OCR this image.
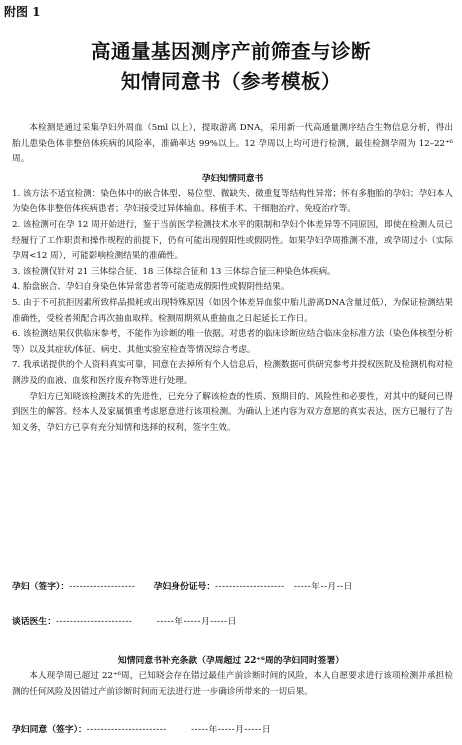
附图 1
高通量基因测序产前筛查与诊断
知情同意书（参考模板）

本检测是通过采集孕妇外周血（5ml 以上），提取游离 DNA，采用新一代高通量测序结合生物信息分析，得出胎儿患染色体非整倍体疾病的风险率，准确率达 99%以上。12 孕周以上均可进行检测，最佳检测孕周为 12–22⁺⁶周。

孕妇知情同意书

1. 该方法不适宜检测：染色体中的嵌合体型、易位型、微缺失、微重复等结构性异常；怀有多胞胎的孕妇；孕妇本人为染色体非整倍体疾病患者；孕妇接受过异体输血、移植手术、干细胞治疗、免疫治疗等。
2. 该检测可在孕 12 周开始进行，鉴于当前医学检测技术水平的限制和孕妇个体差异等不同原因，即使在检测人员已经履行了工作职责和操作规程的前提下，仍有可能出现假阳性或假阴性。如果孕妇孕周推测不准，或孕周过小（实际孕周<12 周），可能影响检测结果的准确性。
3. 该检测仅针对 21 三体综合征、18 三体综合征和 13 三体综合征三种染色体疾病。
4. 胎盘嵌合、孕妇自身染色体异常患者等可能造成假阳性或假阴性结果。
5. 由于不可抗拒因素所致样品损耗或出现特殊原因（如因个体差异血浆中胎儿游离DNA含量过低），为保证检测结果准确性，受检者须配合再次抽血取样。检测周期须从重抽血之日起延长工作日。
6. 该检测结果仅供临床参考，不能作为诊断的唯一依据。对患者的临床诊断应结合临床金标准方法（染色体核型分析等）以及其症状/体征、病史、其他实验室检查等情况综合考虑。
7. 我承诺提供的个人资料真实可靠，同意在去掉所有个人信息后，检测数据可供研究参考并授权医院及检测机构对检测涉及的血液、血浆和医疗废弃物等进行处理。

孕妇方已知晓该检测技术的先进性，已充分了解该检查的性质、预期目的、风险性和必要性，对其中的疑问已得到医生的解答。经本人及家属慎重考虑愿意进行该项检测。为确认上述内容为双方意愿的真实表达，医方已履行了告知义务，孕妇方已享有充分知情和选择的权利，签字生效。

孕妇（签字）：------------------- 孕妇身份证号：-------------------- -----年--月--日
谈话医生：----------------------	-----年-----月-----日
知情同意书补充条款（孕周超过 22⁺⁶周的孕妇同时签署）

本人现孕周已超过 22⁺⁶周，已知晓会存在错过最佳产前诊断时间的风险，本人自愿要求进行该项检测并承担检测的任何风险及因错过产前诊断时间而无法进行进一步确诊所带来的一切后果。

孕妇同意（签字）：-----------------------	-----年-----月-----日
